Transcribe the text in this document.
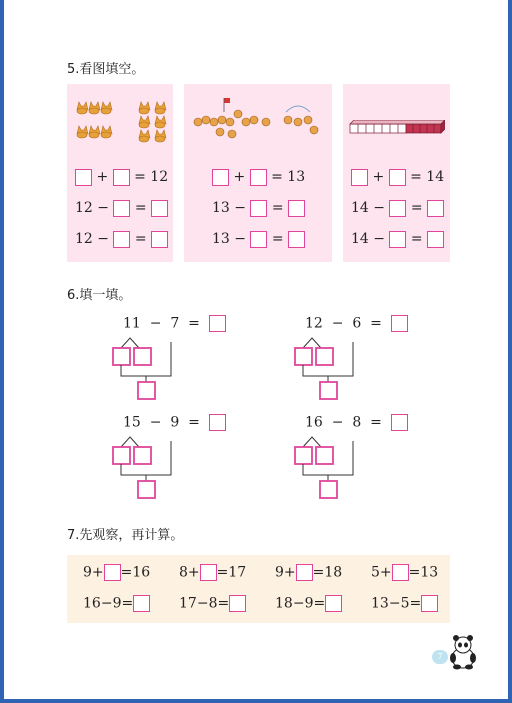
5.看图填空。
+  = 12
12 −  =
12 −  =
+  = 13
13 −  =
13 −  =
+  = 14
14 −  =
14 −  =
6.填一填。
11  −  7  =	12  −  6  =
15  −  9  =	16  −  8  =
7.先观察，再计算。
9+ =16 8+ =17 9+ =18 5+ =13
16−9=	17−8=	18−9=	13−5=
7
